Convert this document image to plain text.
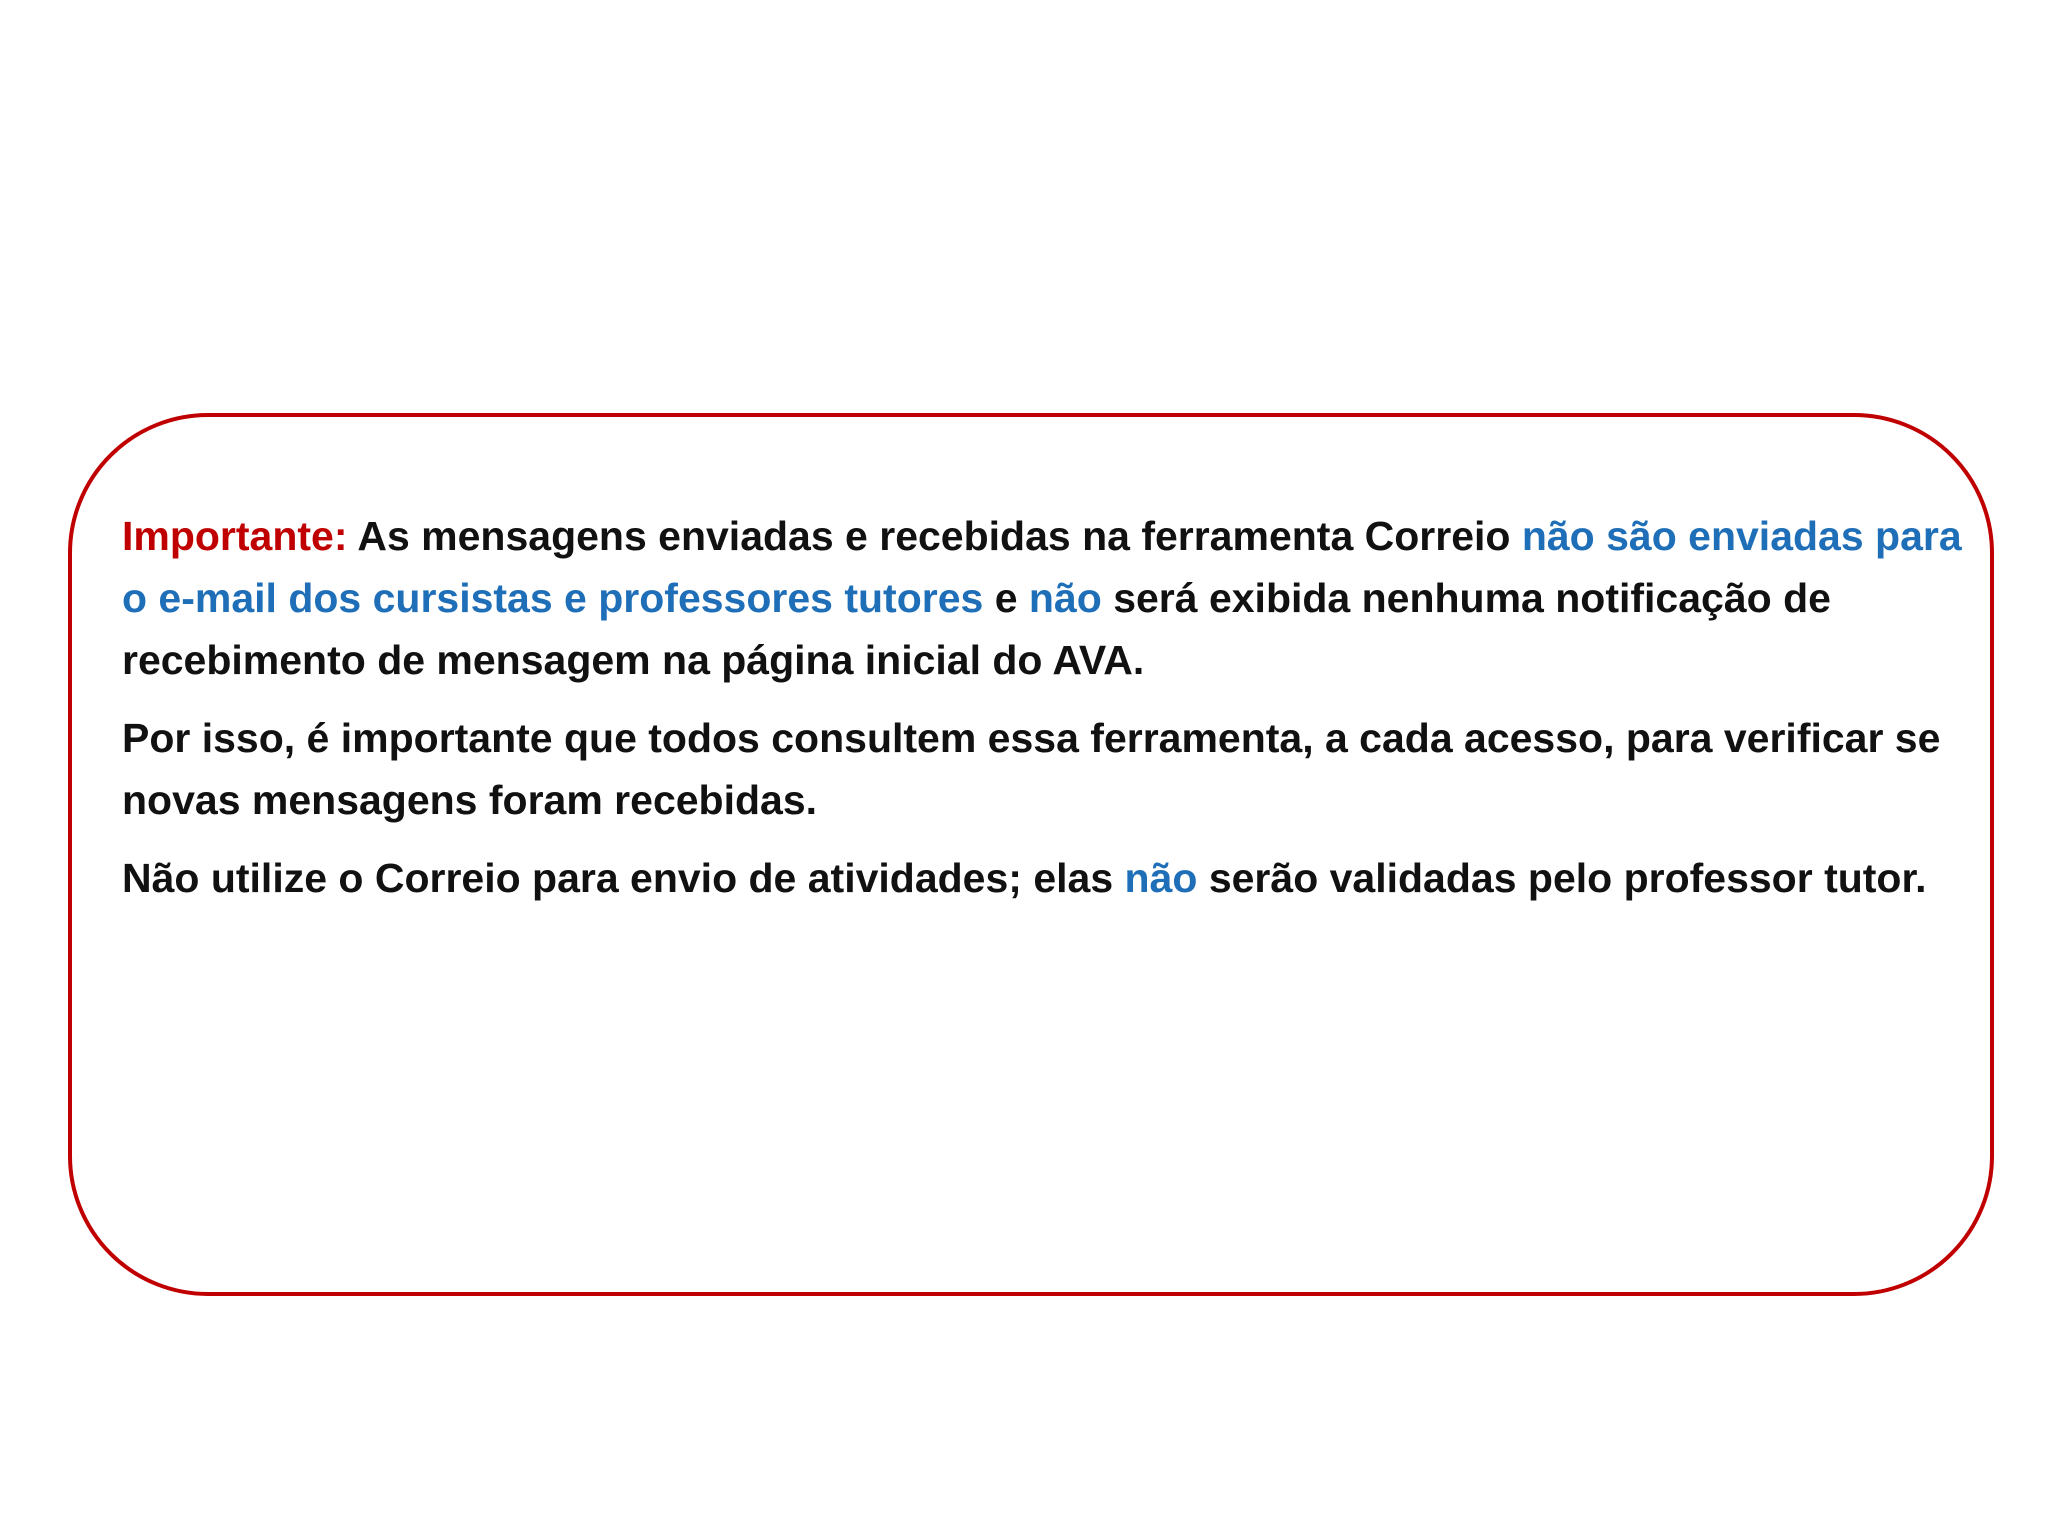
Importante: As mensagens enviadas e recebidas na ferramenta Correio não são enviadas para o e-mail dos cursistas e professores tutores e não será exibida nenhuma notificação de recebimento de mensagem na página inicial do AVA.

Por isso, é importante que todos consultem essa ferramenta, a cada acesso, para verificar se novas mensagens foram recebidas.

Não utilize o Correio para envio de atividades; elas não serão validadas pelo professor tutor.
